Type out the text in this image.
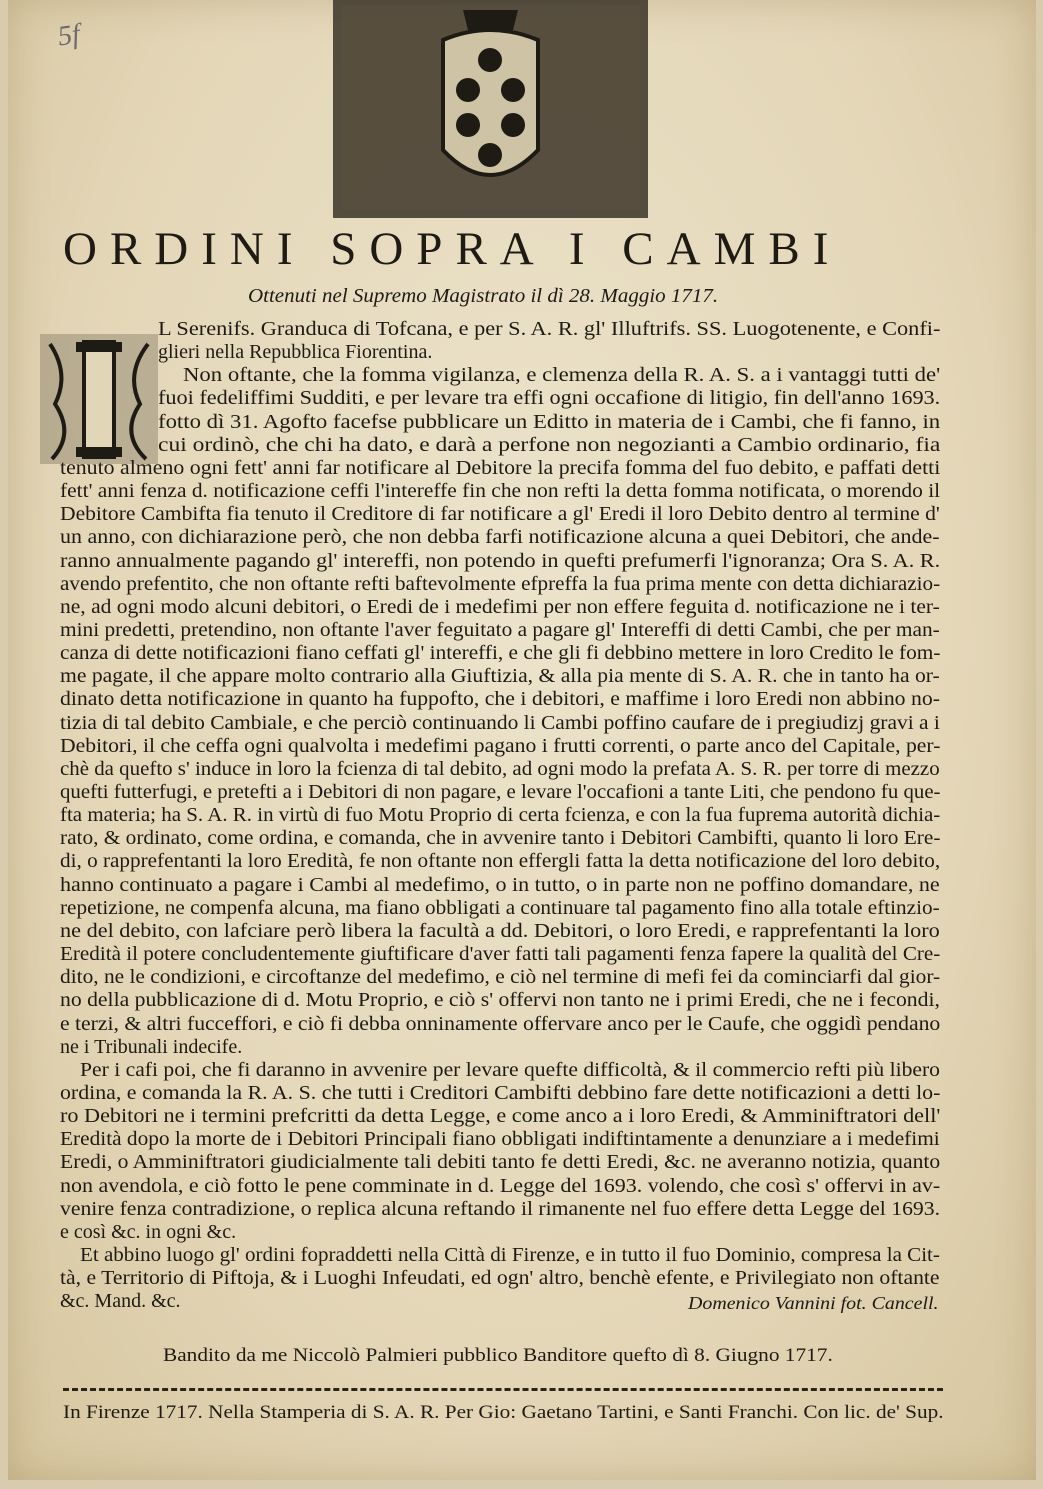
5f
ORDINI SOPRA I CAMBI
Ottenuti nel Supremo Magistrato il dì 28. Maggio 1717.
L Serenifs. Granduca di Tofcana, e per S. A. R. gl' Illuftrifs. SS. Luogotenente, e Confi-
glieri nella Repubblica Fiorentina.
Non oftante, che la fomma vigilanza, e clemenza della R. A. S. a i vantaggi tutti de'
fuoi fedeliffimi Sudditi, e per levare tra effi ogni occafione di litigio, fin dell'anno 1693.
fotto dì 31. Agofto facefse pubblicare un Editto in materia de i Cambi, che fi fanno, in
cui ordinò, che chi ha dato, e darà a perfone non negozianti a Cambio ordinario, fia
tenuto almeno ogni fett' anni far notificare al Debitore la precifa fomma del fuo debito, e paffati detti
fett' anni fenza d. notificazione ceffi l'intereffe fin che non refti la detta fomma notificata, o morendo il
Debitore Cambifta fia tenuto il Creditore di far notificare a gl' Eredi il loro Debito dentro al termine d'
un anno, con dichiarazione però, che non debba farfi notificazione alcuna a quei Debitori, che ande-
ranno annualmente pagando gl' intereffi, non potendo in quefti prefumerfi l'ignoranza; Ora S. A. R.
avendo prefentito, che non oftante refti baftevolmente efpreffa la fua prima mente con detta dichiarazio-
ne, ad ogni modo alcuni debitori, o Eredi de i medefimi per non effere feguita d. notificazione ne i ter-
mini predetti, pretendino, non oftante l'aver feguitato a pagare gl' Intereffi di detti Cambi, che per man-
canza di dette notificazioni fiano ceffati gl' intereffi, e che gli fi debbino mettere in loro Credito le fom-
me pagate, il che appare molto contrario alla Giuftizia, & alla pia mente di S. A. R. che in tanto ha or-
dinato detta notificazione in quanto ha fuppofto, che i debitori, e maffime i loro Eredi non abbino no-
tizia di tal debito Cambiale, e che perciò continuando li Cambi poffino caufare de i pregiudizj gravi a i
Debitori, il che ceffa ogni qualvolta i medefimi pagano i frutti correnti, o parte anco del Capitale, per-
chè da quefto s' induce in loro la fcienza di tal debito, ad ogni modo la prefata A. S. R. per torre di mezzo
quefti futterfugi, e pretefti a i Debitori di non pagare, e levare l'occafioni a tante Liti, che pendono fu que-
fta materia; ha S. A. R. in virtù di fuo Motu Proprio di certa fcienza, e con la fua fuprema autorità dichia-
rato, & ordinato, come ordina, e comanda, che in avvenire tanto i Debitori Cambifti, quanto li loro Ere-
di, o rapprefentanti la loro Eredità, fe non oftante non effergli fatta la detta notificazione del loro debito,
hanno continuato a pagare i Cambi al medefimo, o in tutto, o in parte non ne poffino domandare, ne
repetizione, ne compenfa alcuna, ma fiano obbligati a continuare tal pagamento fino alla totale eftinzio-
ne del debito, con lafciare però libera la facultà a dd. Debitori, o loro Eredi, e rapprefentanti la loro
Eredità il potere concludentemente giuftificare d'aver fatti tali pagamenti fenza fapere la qualità del Cre-
dito, ne le condizioni, e circoftanze del medefimo, e ciò nel termine di mefi fei da cominciarfi dal gior-
no della pubblicazione di d. Motu Proprio, e ciò s' offervi non tanto ne i primi Eredi, che ne i fecondi,
e terzi, & altri fucceffori, e ciò fi debba onninamente offervare anco per le Caufe, che oggidì pendano
ne i Tribunali indecife.
Per i cafi poi, che fi daranno in avvenire per levare quefte difficoltà, & il commercio refti più libero
ordina, e comanda la R. A. S. che tutti i Creditori Cambifti debbino fare dette notificazioni a detti lo-
ro Debitori ne i termini prefcritti da detta Legge, e come anco a i loro Eredi, & Amminiftratori dell'
Eredità dopo la morte de i Debitori Principali fiano obbligati indiftintamente a denunziare a i medefimi
Eredi, o Amminiftratori giudicialmente tali debiti tanto fe detti Eredi, &c. ne averanno notizia, quanto
non avendola, e ciò fotto le pene comminate in d. Legge del 1693. volendo, che così s' offervi in av-
venire fenza contradizione, o replica alcuna reftando il rimanente nel fuo effere detta Legge del 1693.
e così &c. in ogni &c.
Et abbino luogo gl' ordini fopraddetti nella Città di Firenze, e in tutto il fuo Dominio, compresa la Cit-
tà, e Territorio di Piftoja, & i Luoghi Infeudati, ed ogn' altro, benchè efente, e Privilegiato non oftante
&c. Mand. &c.	Domenico Vannini fot. Cancell.
Bandito da me Niccolò Palmieri pubblico Banditore quefto dì 8. Giugno 1717.
In Firenze 1717. Nella Stamperia di S. A. R. Per Gio: Gaetano Tartini, e Santi Franchi. Con lic. de' Sup.
